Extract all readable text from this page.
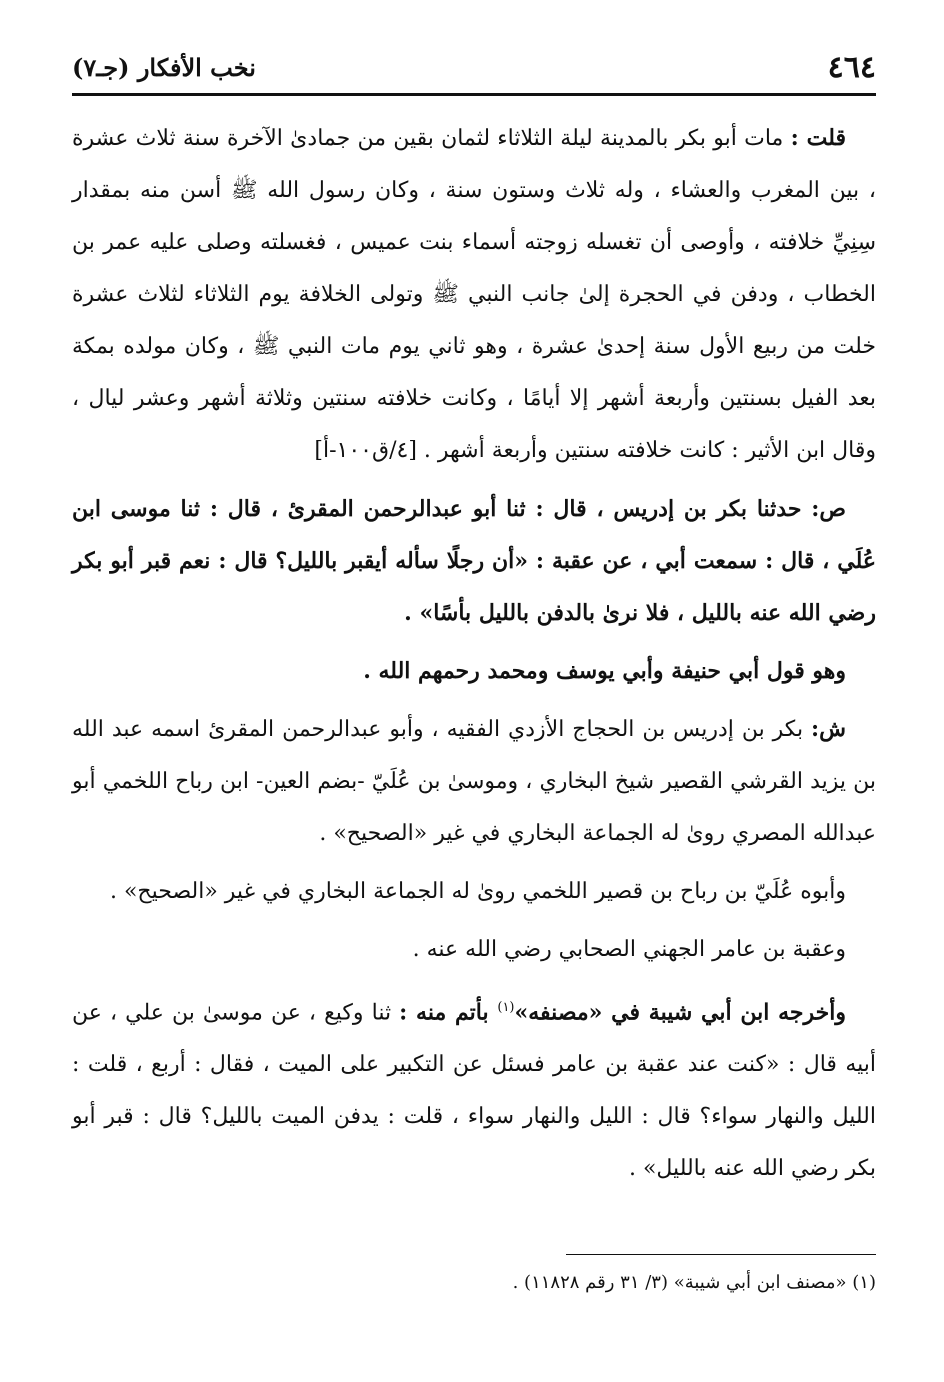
٤٦٤
نخب الأفكار (جـ٧)

قلت : مات أبو بكر بالمدينة ليلة الثلاثاء لثمان بقين من جمادىٰ الآخرة سنة ثلاث عشرة ، بين المغرب والعشاء ، وله ثلاث وستون سنة ، وكان رسول الله ﷺ أسن منه بمقدار سِنِيِّ خلافته ، وأوصى أن تغسله زوجته أسماء بنت عميس ، فغسلته وصلى عليه عمر بن الخطاب ، ودفن في الحجرة إلىٰ جانب النبي ﷺ وتولى الخلافة يوم الثلاثاء لثلاث عشرة خلت من ربيع الأول سنة إحدىٰ عشرة ، وهو ثاني يوم مات النبي ﷺ ، وكان مولده بمكة بعد الفيل بسنتين وأربعة أشهر إلا أيامًا ، وكانت خلافته سنتين وثلاثة أشهر وعشر ليال ، وقال ابن الأثير : كانت خلافته سنتين وأربعة أشهر . [٤/ق١٠٠-أ]

ص: حدثنا بكر بن إدريس ، قال : ثنا أبو عبدالرحمن المقرئ ، قال : ثنا موسى ابن عُلَي ، قال : سمعت أبي ، عن عقبة : «أن رجلًا سأله أيقبر بالليل؟ قال : نعم قبر أبو بكر رضي الله عنه بالليل ، فلا نرىٰ بالدفن بالليل بأسًا» .

وهو قول أبي حنيفة وأبي يوسف ومحمد رحمهم الله .

ش: بكر بن إدريس بن الحجاج الأزدي الفقيه ، وأبو عبدالرحمن المقرئ اسمه عبد الله بن يزيد القرشي القصير شيخ البخاري ، وموسىٰ بن عُلَيّ -بضم العين- ابن رباح اللخمي أبو عبدالله المصري روىٰ له الجماعة البخاري في غير «الصحيح» .

وأبوه عُلَيّ بن رباح بن قصير اللخمي روىٰ له الجماعة البخاري في غير «الصحيح» .

وعقبة بن عامر الجهني الصحابي رضي الله عنه .

وأخرجه ابن أبي شيبة في «مصنفه»$^{(١)}$ بأتم منه : ثنا وكيع ، عن موسىٰ بن علي ، عن أبيه قال : «كنت عند عقبة بن عامر فسئل عن التكبير على الميت ، فقال : أربع ، قلت : الليل والنهار سواء؟ قال : الليل والنهار سواء ، قلت : يدفن الميت بالليل؟ قال : قبر أبو بكر رضي الله عنه بالليل» .

(١) «مصنف ابن أبي شيبة» (٣/ ٣١ رقم ١١٨٢٨) .
